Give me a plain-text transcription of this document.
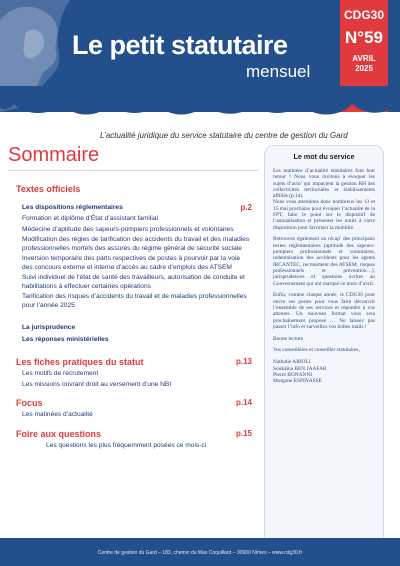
Le petit statutaire
mensuel
CDG30
N°59
AVRIL
2025
L’actualité juridique du service statutaire du centre de gestion du Gard
Sommaire
Textes officiels
Les dispositions réglementaires	p.2
Formation et diplôme d’État d’assistant familial
Médecine d’aptitude des sapeurs-pompiers professionnels et volontaires
Modification des règles de tarification des accidents du travail et des maladies professionnelles mortels des assurés du régime général de sécurité sociale
Inversion temporaire des parts respectives de postes à pourvoir par la voie des concours externe et interne d’accès au cadre d’emplois des ATSEM
Suivi individuel de l’état de santé des travailleurs, autorisation de conduite et habilitations à effectuer certaines opérations
Tarification des risques d’accidents du travail et de maladies professionnelles pour l’année 2025
La jurisprudence
Les réponses ministérielles
Les fiches pratiques du statut	p.13
Les motifs de recrutement
Les missions ouvrant droit au versement d’une NBI
Focus	p.14
Les matinées d’actualité
Foire aux questions	p.15
Les questions les plus fréquemment posées ce mois-ci
Le mot du service

Les matinées d’actualité statutaires font leur retour ! Nous vous invitons à évoquer les sujets d’actu’ qui impactent la gestion RH des collectivités territoriales et établissements affiliés (p.14).

Nous vous attendons donc nombreux les 13 et 15 mai prochains pour évoquer l’actualité de la FPT, faire le point sur le dispositif de l’annualisation et présenter les outils à votre disposition pour favoriser la mobilité.

Retrouvez également un récap’ des principaux textes réglementaires (aptitude des sapeurs-pompiers professionnels et volontaires, indemnisation des accidents pour les agents IRCANTEC, recrutement des ATSEM, risques professionnels et prévention…), jurisprudences et questions écrites au Gouvernement qui ont marqué ce mois d’avril.

Enfin, comme chaque année, le CDG30 pour ouvre ses portes pour vous faire découvrir l’ensemble de ses services et répondre à vos attentes. Un nouveau format vous sera prochainement proposé … Ne laissez pas passer l’info et surveillez vos boîtes mails !

Bonne lecture

Vos conseillères et conseiller statutaires,

Nathalie ARIOLI

Soukaïna BEN JAAFAR

Pierre BONANNI

Morgane ESPINASSE

Centre de gestion du Gard – 183, chemin du Mas Coquillard – 30900 Nîmes – www.cdg30.fr
